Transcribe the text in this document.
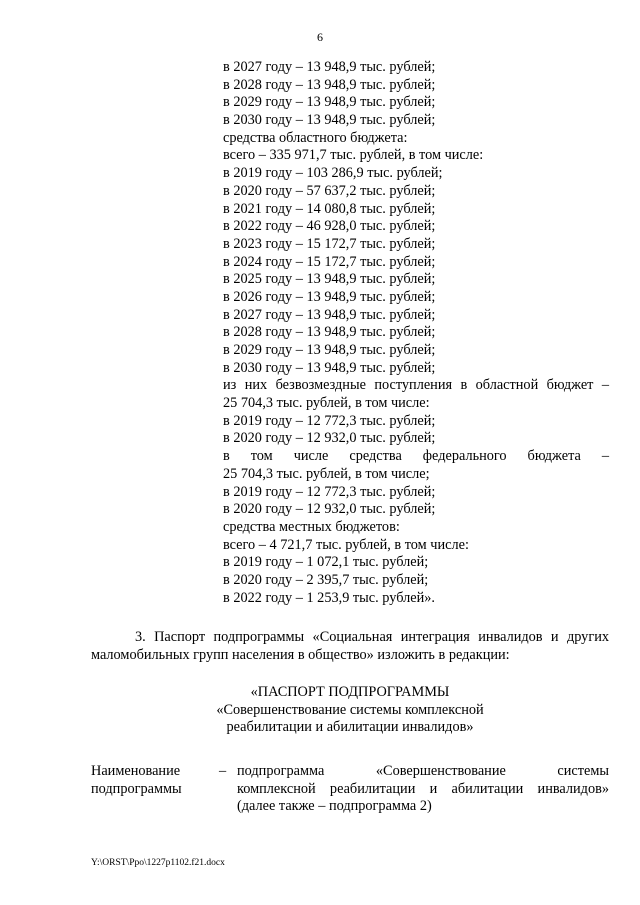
6
в 2027 году – 13 948,9 тыс. рублей;
в 2028 году – 13 948,9 тыс. рублей;
в 2029 году – 13 948,9 тыс. рублей;
в 2030 году – 13 948,9 тыс. рублей;
средства областного бюджета:
всего – 335 971,7 тыс. рублей, в том числе:
в 2019 году – 103 286,9 тыс. рублей;
в 2020 году – 57 637,2 тыс. рублей;
в 2021 году – 14 080,8 тыс. рублей;
в 2022 году – 46 928,0 тыс. рублей;
в 2023 году – 15 172,7 тыс. рублей;
в 2024 году – 15 172,7 тыс. рублей;
в 2025 году – 13 948,9 тыс. рублей;
в 2026 году – 13 948,9 тыс. рублей;
в 2027 году – 13 948,9 тыс. рублей;
в 2028 году – 13 948,9 тыс. рублей;
в 2029 году – 13 948,9 тыс. рублей;
в 2030 году – 13 948,9 тыс. рублей;
из них безвозмездные поступления в областной бюджет –
25 704,3 тыс. рублей, в том числе:
в 2019 году – 12 772,3 тыс. рублей;
в 2020 году – 12 932,0 тыс. рублей;
в том числе средства федерального бюджета –
25 704,3 тыс. рублей, в том числе;
в 2019 году – 12 772,3 тыс. рублей;
в 2020 году – 12 932,0 тыс. рублей;
средства местных бюджетов:
всего – 4 721,7 тыс. рублей, в том числе:
в 2019 году – 1 072,1 тыс. рублей;
в 2020 году – 2 395,7 тыс. рублей;
в 2022 году – 1 253,9 тыс. рублей».
3. Паспорт подпрограммы «Социальная интеграция инвалидов и других
маломобильных групп населения в общество» изложить в редакции:
«ПАСПОРТ ПОДПРОГРАММЫ
«Совершенствование системы комплексной
реабилитации и абилитации инвалидов»
Наименование
подпрограммы
– подпрограмма «Совершенствование системы
комплексной реабилитации и абилитации инвалидов»
(далее также – подпрограмма 2)
Y:\ORST\Ppo\1227p1102.f21.docx
